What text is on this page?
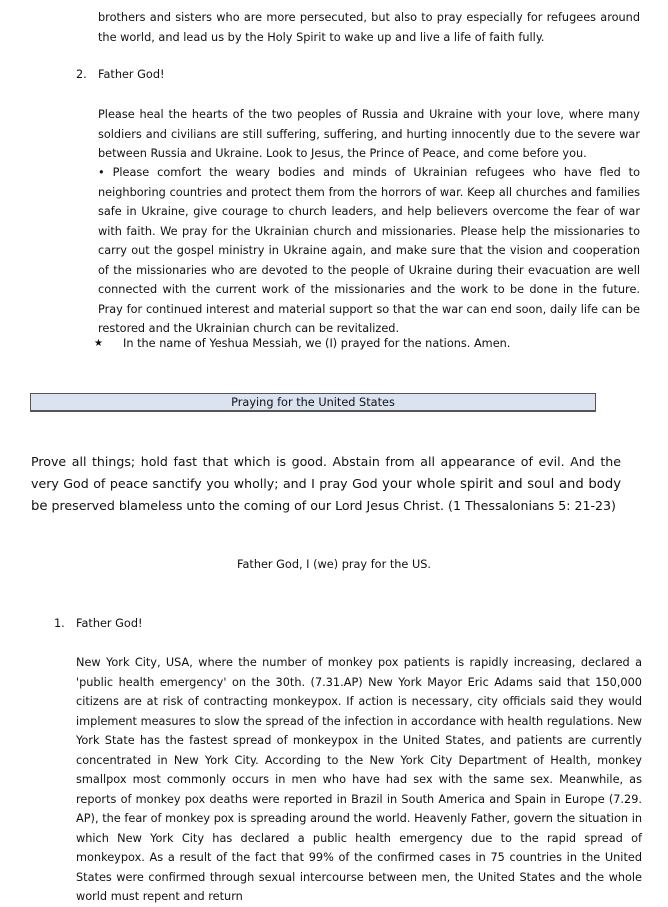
brothers and sisters who are more persecuted, but also to pray especially for refugees around the world, and lead us by the Holy Spirit to wake up and live a life of faith fully.

2. Father God!

Please heal the hearts of the two peoples of Russia and Ukraine with your love, where many soldiers and civilians are still suffering, suffering, and hurting innocently due to the severe war between Russia and Ukraine. Look to Jesus, the Prince of Peace, and come before you.

• Please comfort the weary bodies and minds of Ukrainian refugees who have fled to neighboring countries and protect them from the horrors of war. Keep all churches and families safe in Ukraine, give courage to church leaders, and help believers overcome the fear of war with faith. We pray for the Ukrainian church and missionaries. Please help the missionaries to carry out the gospel ministry in Ukraine again, and make sure that the vision and cooperation of the missionaries who are devoted to the people of Ukraine during their evacuation are well connected with the current work of the missionaries and the work to be done in the future. Pray for continued interest and material support so that the war can end soon, daily life can be restored and the Ukrainian church can be revitalized.

★ In the name of Yeshua Messiah, we (I) prayed for the nations. Amen.
Praying for the United States

Prove all things; hold fast that which is good. Abstain from all appearance of evil. And the very God of peace sanctify you wholly; and I pray God your whole spirit and soul and body be preserved blameless unto the coming of our Lord Jesus Christ. (1 Thessalonians 5: 21-23)

Father God, I (we) pray for the US.
1. Father God!

New York City, USA, where the number of monkey pox patients is rapidly increasing, declared a 'public health emergency' on the 30th. (7.31.AP) New York Mayor Eric Adams said that 150,000 citizens are at risk of contracting monkeypox. If action is necessary, city officials said they would implement measures to slow the spread of the infection in accordance with health regulations. New York State has the fastest spread of monkeypox in the United States, and patients are currently concentrated in New York City. According to the New York City Department of Health, monkey smallpox most commonly occurs in men who have had sex with the same sex. Meanwhile, as reports of monkey pox deaths were reported in Brazil in South America and Spain in Europe (7.29. AP), the fear of monkey pox is spreading around the world. Heavenly Father, govern the situation in which New York City has declared a public health emergency due to the rapid spread of monkeypox. As a result of the fact that 99% of the confirmed cases in 75 countries in the United States were confirmed through sexual intercourse between men, the United States and the whole world must repent and return
